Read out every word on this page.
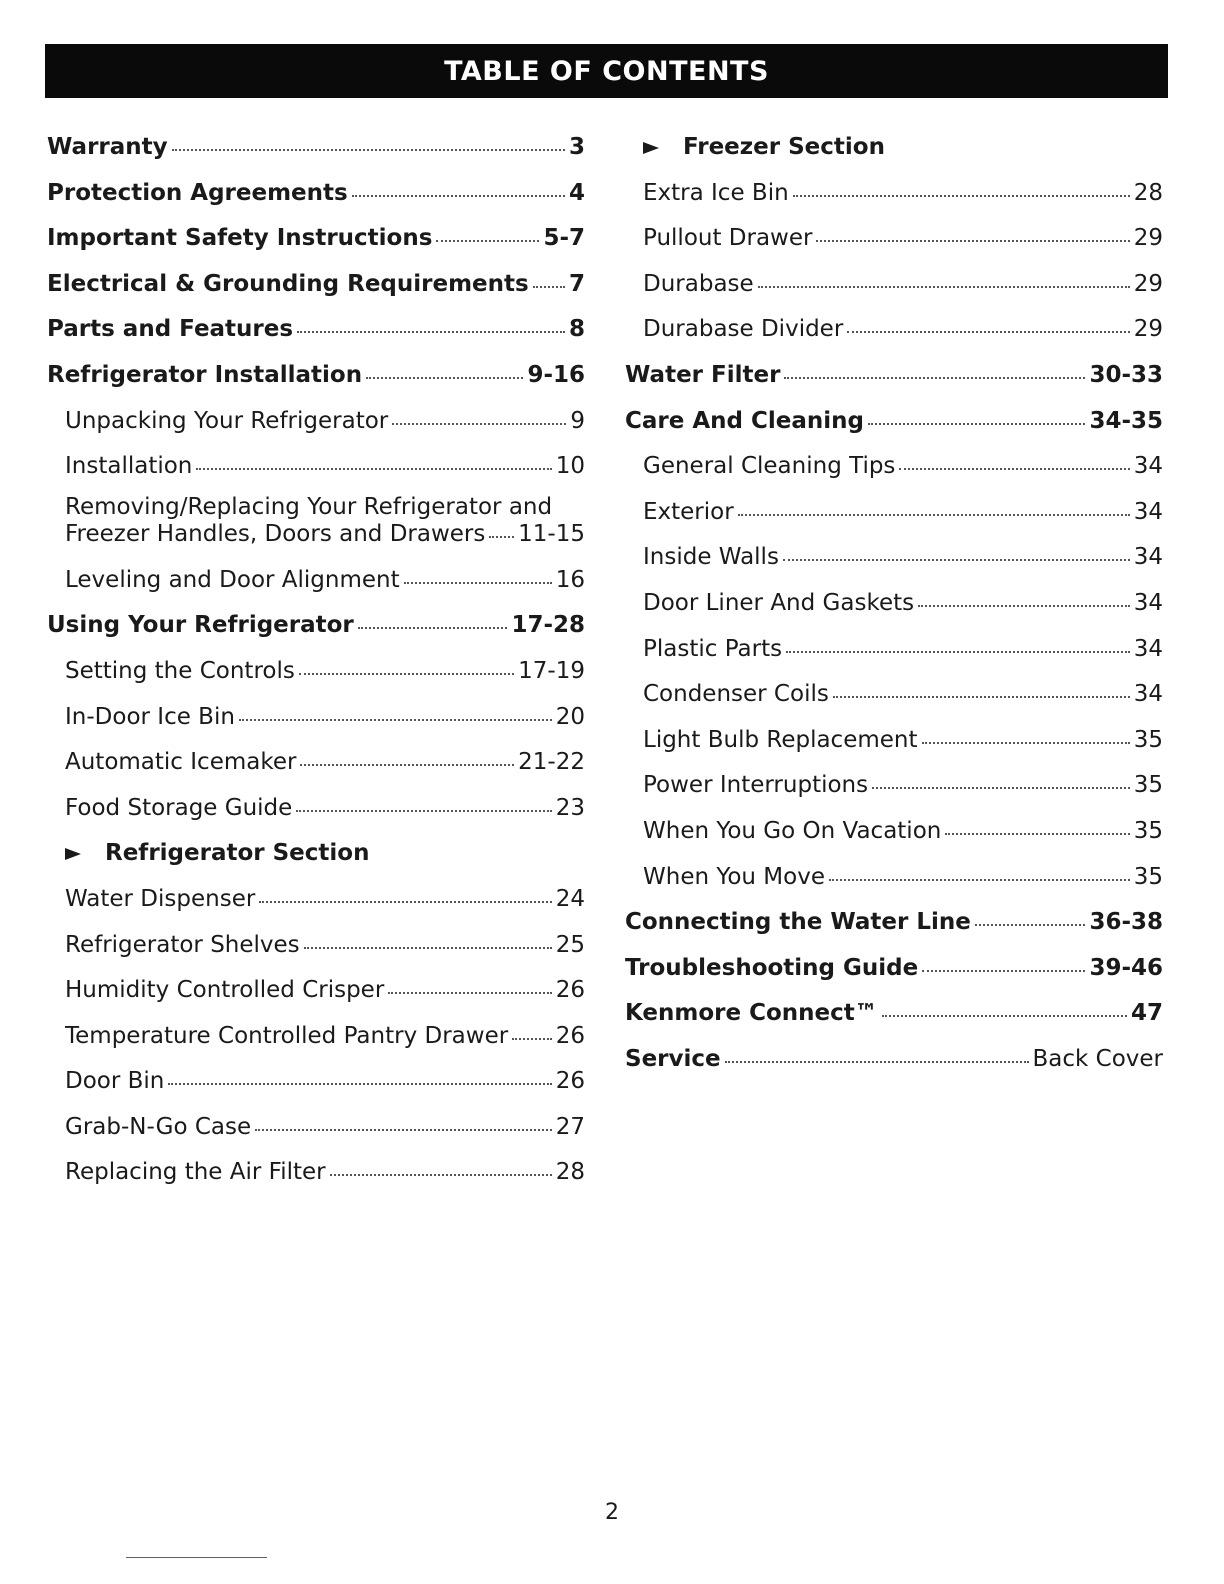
TABLE OF CONTENTS
Warranty	3
Protection Agreements	4
Important Safety Instructions	5-7
Electrical & Grounding Requirements 7
Parts and Features	8
Refrigerator Installation	9-16
Unpacking Your Refrigerator	9
Installation	10
Removing/Replacing Your Refrigerator and
Freezer Handles, Doors and Drawers 11-15
Leveling and Door Alignment	16
Using Your Refrigerator	17-28
Setting the Controls	17-19
In-Door Ice Bin	20
Automatic Icemaker	21-22
Food Storage Guide	23
Refrigerator Section
Water Dispenser	24
Refrigerator Shelves	25
Humidity Controlled Crisper	26
Temperature Controlled Pantry Drawer 26
Door Bin	26
Grab-N-Go Case	27
Replacing the Air Filter	28
Freezer Section
Extra Ice Bin	28
Pullout Drawer	29
Durabase	29
Durabase Divider	29
Water Filter	30-33
Care And Cleaning	34-35
General Cleaning Tips	34
Exterior	34
Inside Walls	34
Door Liner And Gaskets	34
Plastic Parts	34
Condenser Coils	34
Light Bulb Replacement	35
Power Interruptions	35
When You Go On Vacation	35
When You Move	35
Connecting the Water Line	36-38
Troubleshooting Guide	39-46
Kenmore Connect™	47
Service	Back Cover
2
